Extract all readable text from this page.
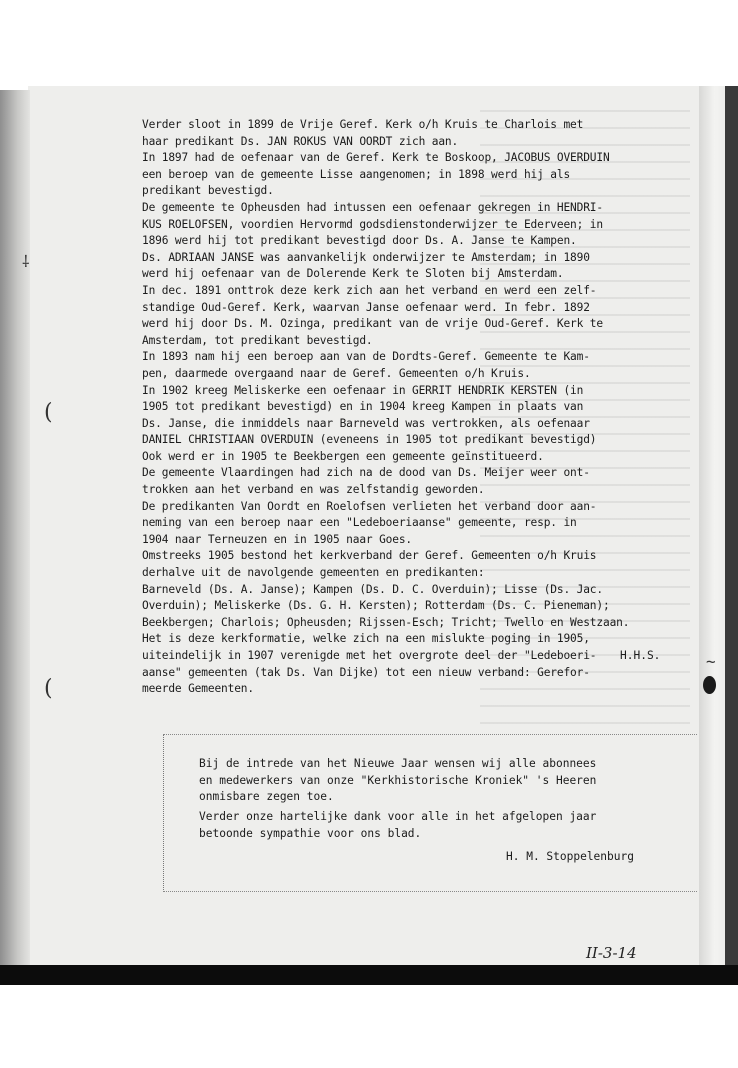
(
(
⸸
~
Verder sloot in 1899 de Vrije Geref. Kerk o/h Kruis te Charlois met
haar predikant Ds. JAN ROKUS VAN OORDT zich aan.
In 1897 had de oefenaar van de Geref. Kerk te Boskoop, JACOBUS OVERDUIN
een beroep van de gemeente Lisse aangenomen; in 1898 werd hij als
predikant bevestigd.
De gemeente te Opheusden had intussen een oefenaar gekregen in HENDRI-
KUS ROELOFSEN, voordien Hervormd godsdienstonderwijzer te Ederveen; in
1896 werd hij tot predikant bevestigd door Ds. A. Janse te Kampen.
Ds. ADRIAAN JANSE was aanvankelijk onderwijzer te Amsterdam; in 1890
werd hij oefenaar van de Dolerende Kerk te Sloten bij Amsterdam.
In dec. 1891 onttrok deze kerk zich aan het verband en werd een zelf-
standige Oud-Geref. Kerk, waarvan Janse oefenaar werd. In febr. 1892
werd hij door Ds. M. Ozinga, predikant van de vrije Oud-Geref. Kerk te
Amsterdam, tot predikant bevestigd.
In 1893 nam hij een beroep aan van de Dordts-Geref. Gemeente te Kam-
pen, daarmede overgaand naar de Geref. Gemeenten o/h Kruis.
In 1902 kreeg Meliskerke een oefenaar in GERRIT HENDRIK KERSTEN (in
1905 tot predikant bevestigd) en in 1904 kreeg Kampen in plaats van
Ds. Janse, die inmiddels naar Barneveld was vertrokken, als oefenaar
DANIEL CHRISTIAAN OVERDUIN (eveneens in 1905 tot predikant bevestigd)
Ook werd er in 1905 te Beekbergen een gemeente geïnstitueerd.
De gemeente Vlaardingen had zich na de dood van Ds. Meijer weer ont-
trokken aan het verband en was zelfstandig geworden.
De predikanten Van Oordt en Roelofsen verlieten het verband door aan-
neming van een beroep naar een "Ledeboeriaanse" gemeente, resp. in
1904 naar Terneuzen en in 1905 naar Goes.
Omstreeks 1905 bestond het kerkverband der Geref. Gemeenten o/h Kruis
derhalve uit de navolgende gemeenten en predikanten:
Barneveld (Ds. A. Janse); Kampen (Ds. D. C. Overduin); Lisse (Ds. Jac.
Overduin); Meliskerke (Ds. G. H. Kersten); Rotterdam (Ds. C. Pieneman);
Beekbergen; Charlois; Opheusden; Rijssen-Esch; Tricht; Twello en Westzaan.
Het is deze kerkformatie, welke zich na een mislukte poging in 1905,
uiteindelijk in 1907 verenigde met het overgrote deel der "Ledeboeri-
aanse" gemeenten (tak Ds. Van Dijke) tot een nieuw verband: Gerefor-
meerde Gemeenten.
H.H.S.
Bij de intrede van het Nieuwe Jaar wensen wij alle abonnees
en medewerkers van onze "Kerkhistorische Kroniek" 's Heeren
onmisbare zegen toe.
Verder onze hartelijke dank voor alle in het afgelopen jaar
betoonde sympathie voor ons blad.
H. M. Stoppelenburg
II-3-14
